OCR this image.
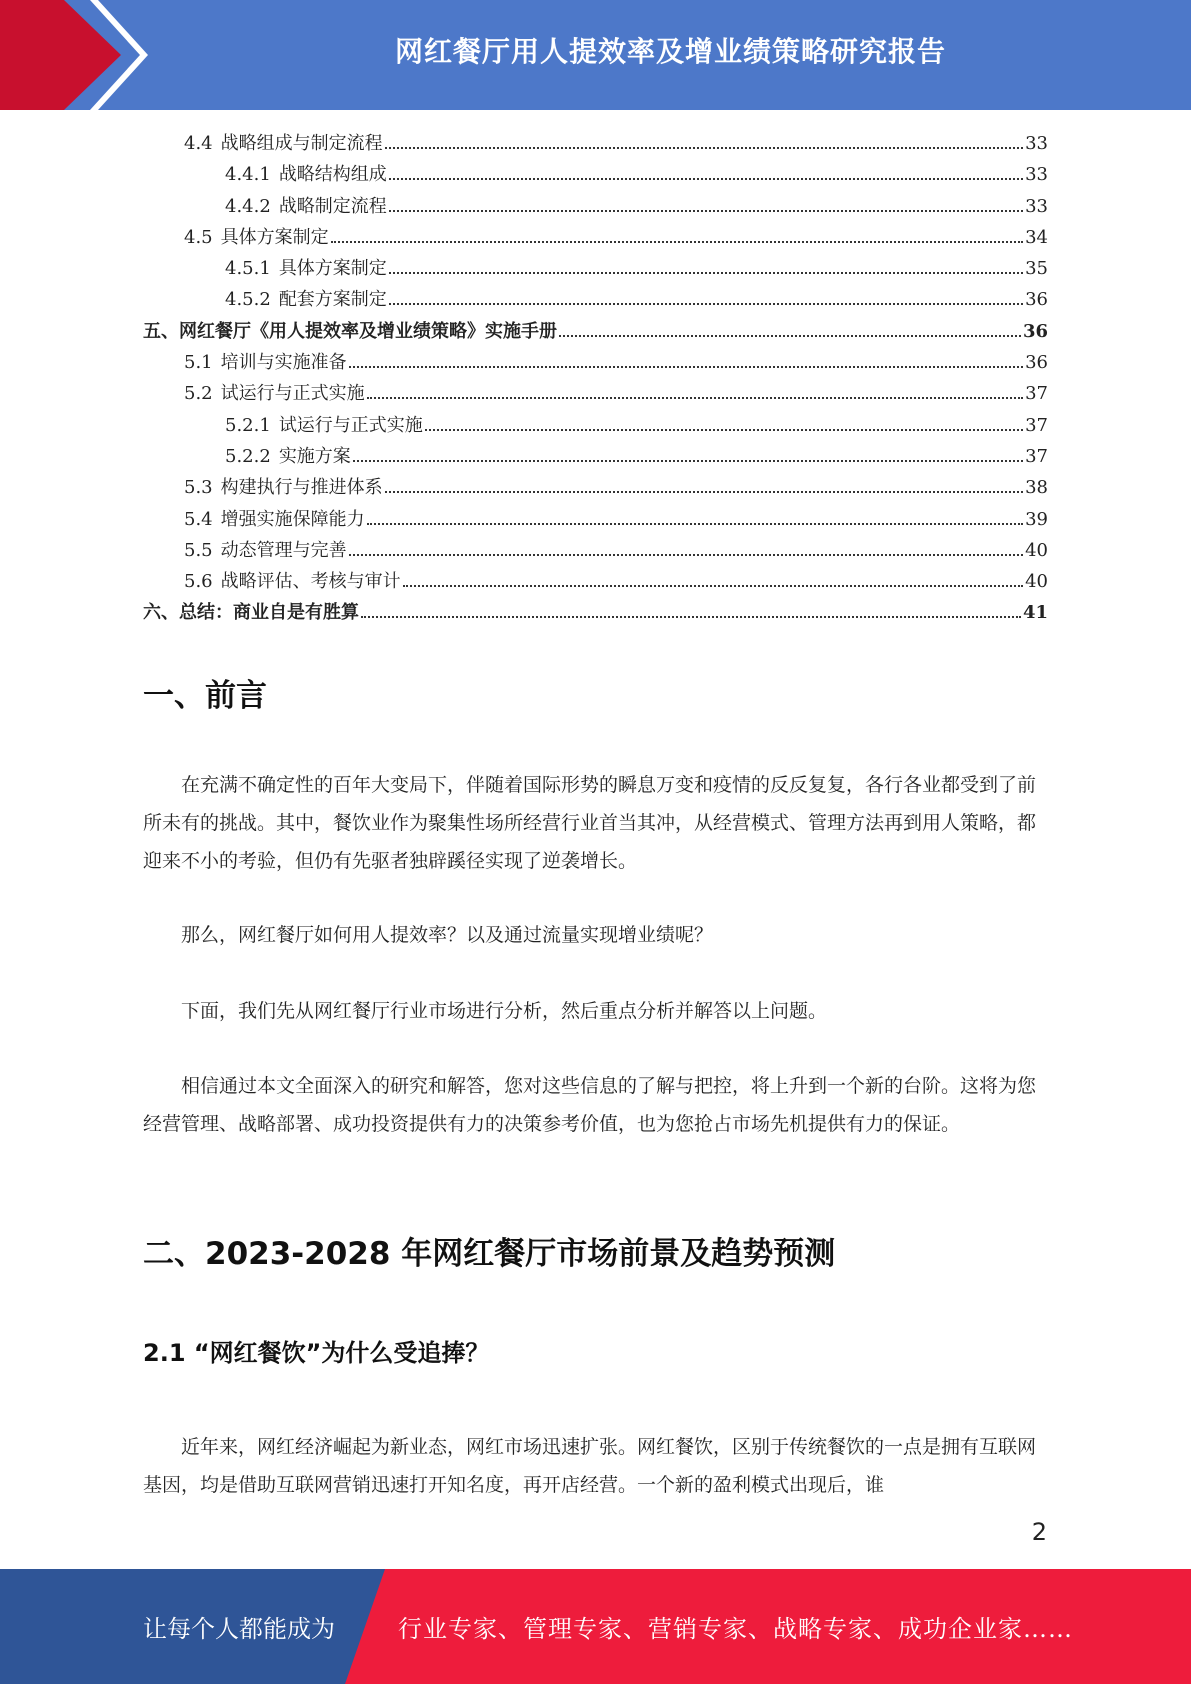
网红餐厅用人提效率及增业绩策略研究报告
4.4 战略组成与制定流程	33
4.4.1 战略结构组成	33
4.4.2 战略制定流程	33
4.5 具体方案制定	34
4.5.1 具体方案制定	35
4.5.2 配套方案制定	36
五、网红餐厅《用人提效率及增业绩策略》实施手册	36
5.1 培训与实施准备	36
5.2 试运行与正式实施	37
5.2.1 试运行与正式实施	37
5.2.2 实施方案	37
5.3 构建执行与推进体系	38
5.4 增强实施保障能力	39
5.5 动态管理与完善	40
5.6 战略评估、考核与审计	40
六、总结：商业自是有胜算	41
一、前言

在充满不确定性的百年大变局下，伴随着国际形势的瞬息万变和疫情的反反复复，各行各业都受到了前所未有的挑战。其中，餐饮业作为聚集性场所经营行业首当其冲，从经营模式、管理方法再到用人策略，都迎来不小的考验，但仍有先驱者独辟蹊径实现了逆袭增长。

那么，网红餐厅如何用人提效率？以及通过流量实现增业绩呢？

下面，我们先从网红餐厅行业市场进行分析，然后重点分析并解答以上问题。

相信通过本文全面深入的研究和解答，您对这些信息的了解与把控，将上升到一个新的台阶。这将为您经营管理、战略部署、成功投资提供有力的决策参考价值，也为您抢占市场先机提供有力的保证。

二、2023-2028 年网红餐厅市场前景及趋势预测
2.1 “网红餐饮”为什么受追捧？

近年来，网红经济崛起为新业态，网红市场迅速扩张。网红餐饮，区别于传统餐饮的一点是拥有互联网基因，均是借助互联网营销迅速打开知名度，再开店经营。一个新的盈利模式出现后，谁

2
让每个人都能成为	行业专家、管理专家、营销专家、战略专家、成功企业家……
